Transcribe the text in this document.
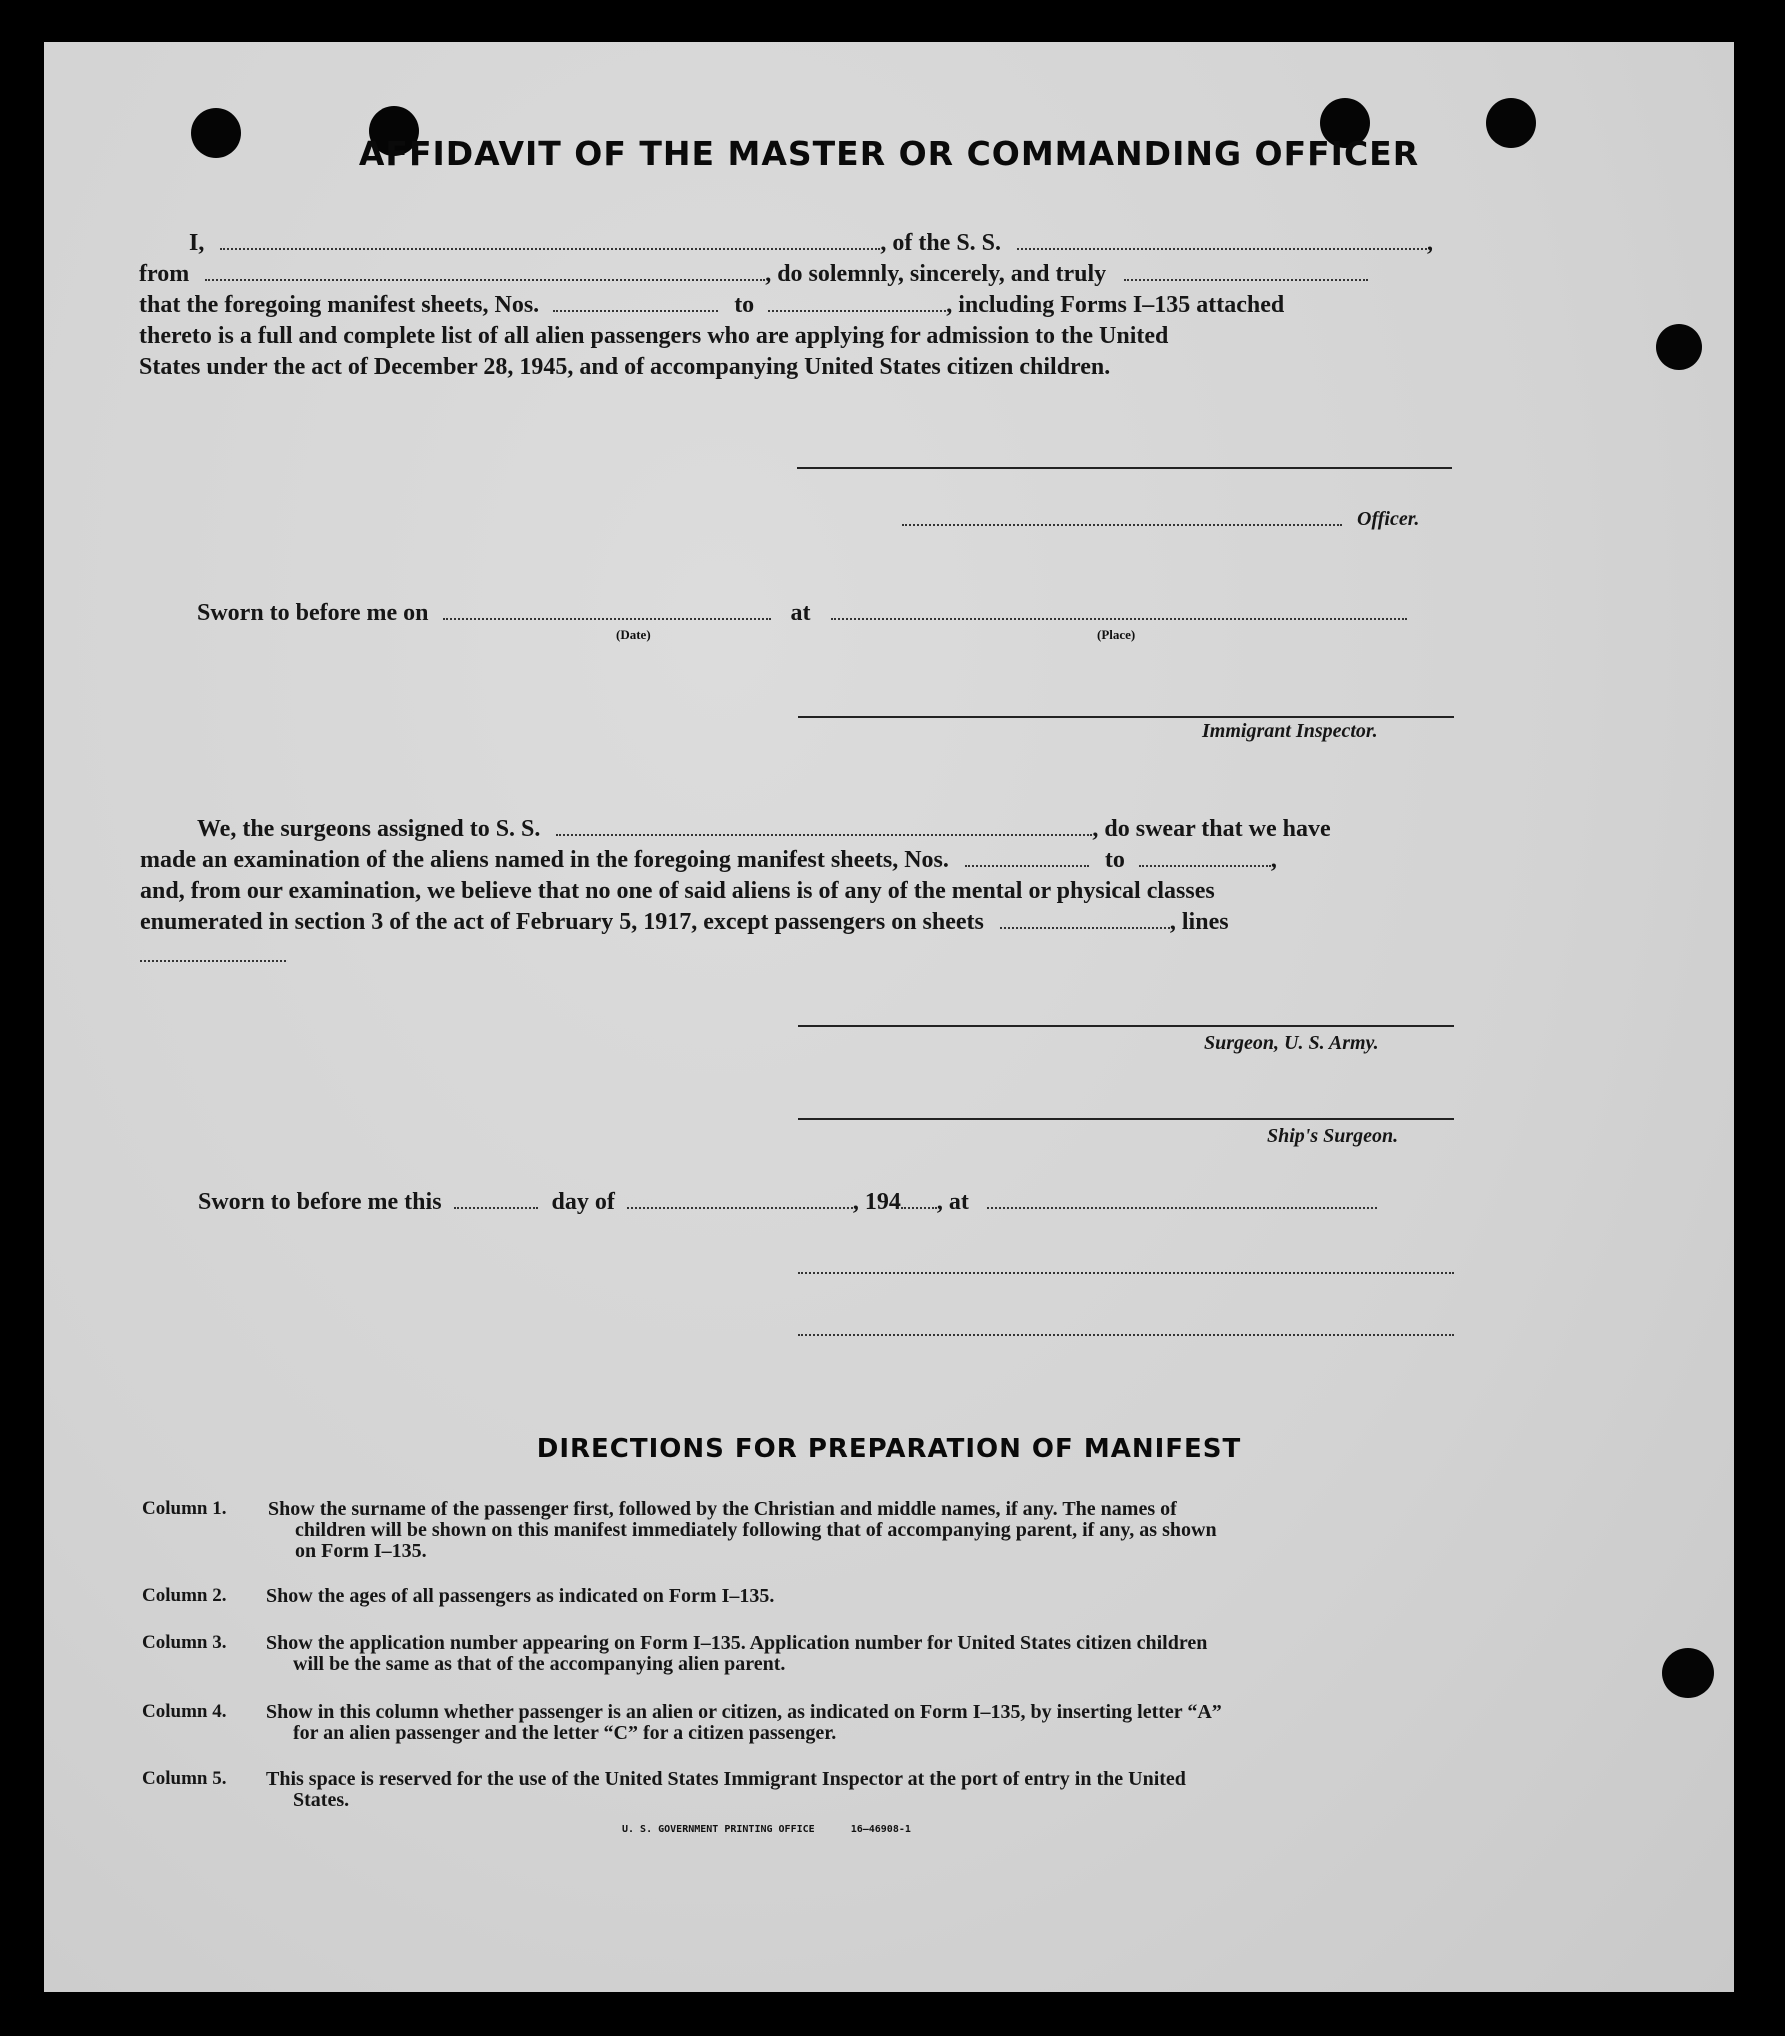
AFFIDAVIT OF THE MASTER OR COMMANDING OFFICER
I,	, of the S. S.	,
from	, do solemnly, sincerely, and truly
that the foregoing manifest sheets, Nos.	to	, including Forms I–135 attached
thereto is a full and complete list of all alien passengers who are applying for admission to the United
States under the act of December 28, 1945, and of accompanying United States citizen children.
Officer.
Sworn to before me on	at
(Date)	(Place)
Immigrant Inspector.
We, the surgeons assigned to S. S.	, do swear that we have
made an examination of the aliens named in the foregoing manifest sheets, Nos.	to	,
and, from our examination, we believe that no one of said aliens is of any of the mental or physical classes
enumerated in section 3 of the act of February 5, 1917, except passengers on sheets	, lines
Surgeon, U. S. Army.
Ship's Surgeon.
Sworn to before me this	day of	, 194 , at
DIRECTIONS FOR PREPARATION OF MANIFEST
Column 1. Show the surname of the passenger first, followed by the Christian and middle names, if any. The names of
children will be shown on this manifest immediately following that of accompanying parent, if any, as shown
on Form I–135.
Column 2. Show the ages of all passengers as indicated on Form I–135.
Column 3. Show the application number appearing on Form I–135. Application number for United States citizen children
will be the same as that of the accompanying alien parent.
Column 4. Show in this column whether passenger is an alien or citizen, as indicated on Form I–135, by inserting letter “A”
for an alien passenger and the letter “C” for a citizen passenger.
Column 5. This space is reserved for the use of the United States Immigrant Inspector at the port of entry in the United
States.
U. S. GOVERNMENT PRINTING OFFICE	16—46908-1
